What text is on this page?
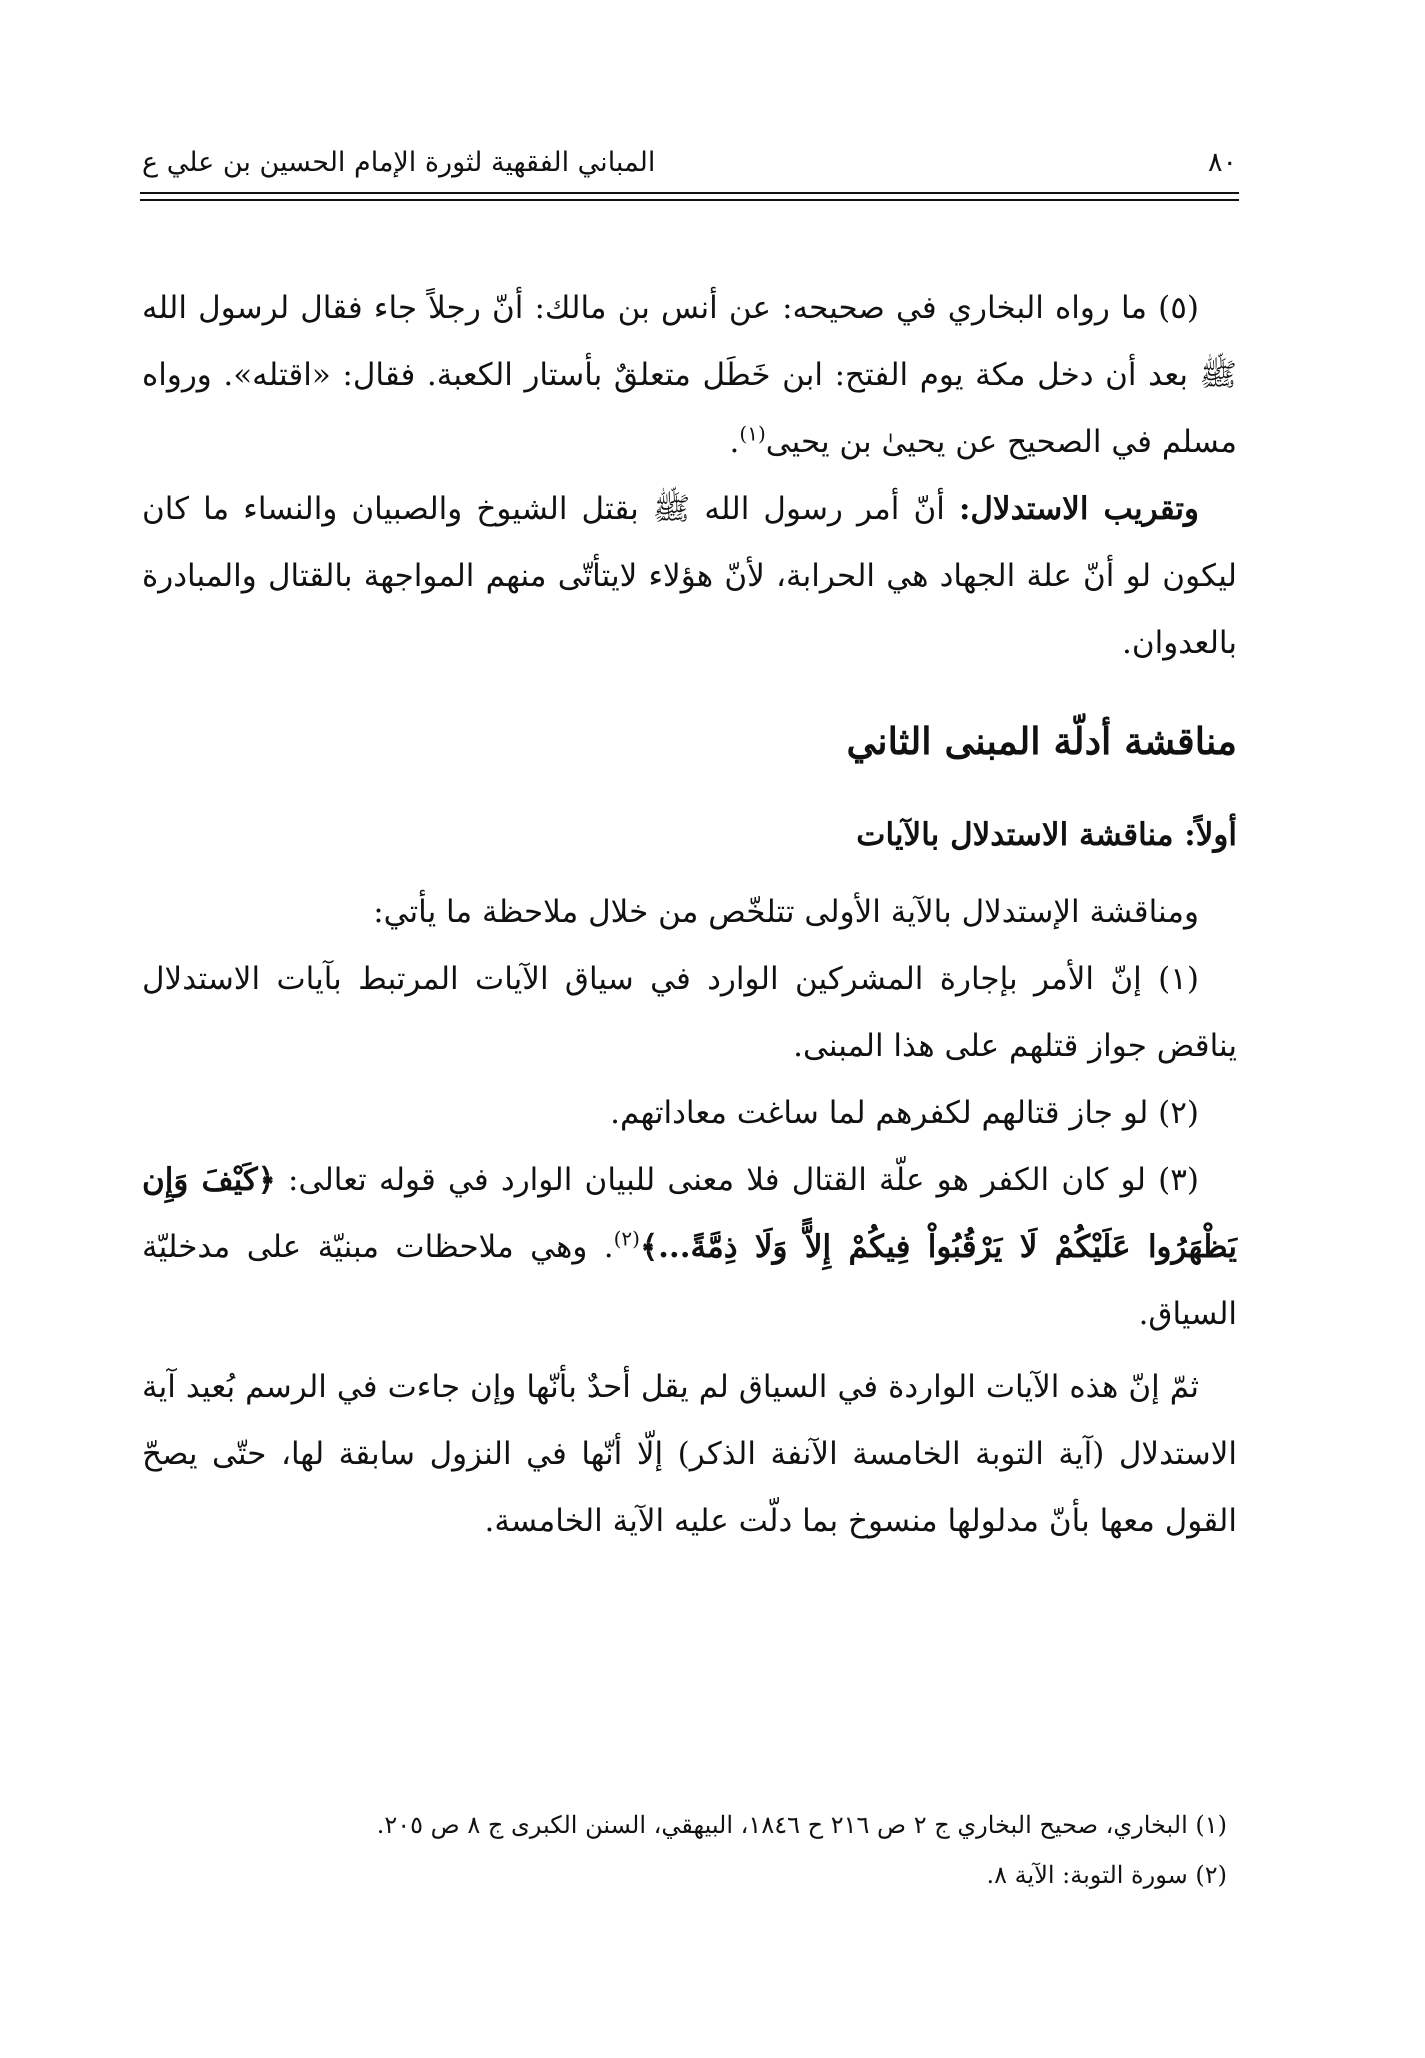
٨٠
المباني الفقهية لثورة الإمام الحسين بن علي ع

(٥) ما رواه البخاري في صحيحه: عن أنس بن مالك: أنّ رجلاً جاء فقال لرسول الله ﷺ بعد أن دخل مكة يوم الفتح: ابن خَطَل متعلقٌ بأستار الكعبة. فقال: «اقتله». ورواه مسلم في الصحيح عن يحيىٰ بن يحيى$^{(١)}$.

وتقريب الاستدلال: أنّ أمر رسول الله ﷺ بقتل الشيوخ والصبيان والنساء ما كان ليكون لو أنّ علة الجهاد هي الحرابة، لأنّ هؤلاء لايتأتّى منهم المواجهة بالقتال والمبادرة بالعدوان.

مناقشة أدلّة المبنى الثاني
أولاً: مناقشة الاستدلال بالآيات

ومناقشة الإستدلال بالآية الأولى تتلخّص من خلال ملاحظة ما يأتي:

(١) إنّ الأمر بإجارة المشركين الوارد في سياق الآيات المرتبط بآيات الاستدلال يناقض جواز قتلهم على هذا المبنى.

(٢) لو جاز قتالهم لكفرهم لما ساغت معاداتهم.

(٣) لو كان الكفر هو علّة القتال فلا معنى للبيان الوارد في قوله تعالى: ﴿كَيْفَ وَإِن يَظْهَرُوا عَلَيْكُمْ لَا يَرْقُبُواْ فِيكُمْ إِلاًّ وَلَا ذِمَّةً...﴾$^{(٢)}$. وهي ملاحظات مبنيّة على مدخليّة السياق.

ثمّ إنّ هذه الآيات الواردة في السياق لم يقل أحدٌ بأنّها وإن جاءت في الرسم بُعيد آية الاستدلال (آية التوبة الخامسة الآنفة الذكر) إلّا أنّها في النزول سابقة لها، حتّى يصحّ القول معها بأنّ مدلولها منسوخ بما دلّت عليه الآية الخامسة.

(١) البخاري، صحيح البخاري ج ٢ ص ٢١٦ ح ١٨٤٦، البيهقي، السنن الكبرى ج ٨ ص ٢٠٥.

(٢) سورة التوبة: الآية ٨.
